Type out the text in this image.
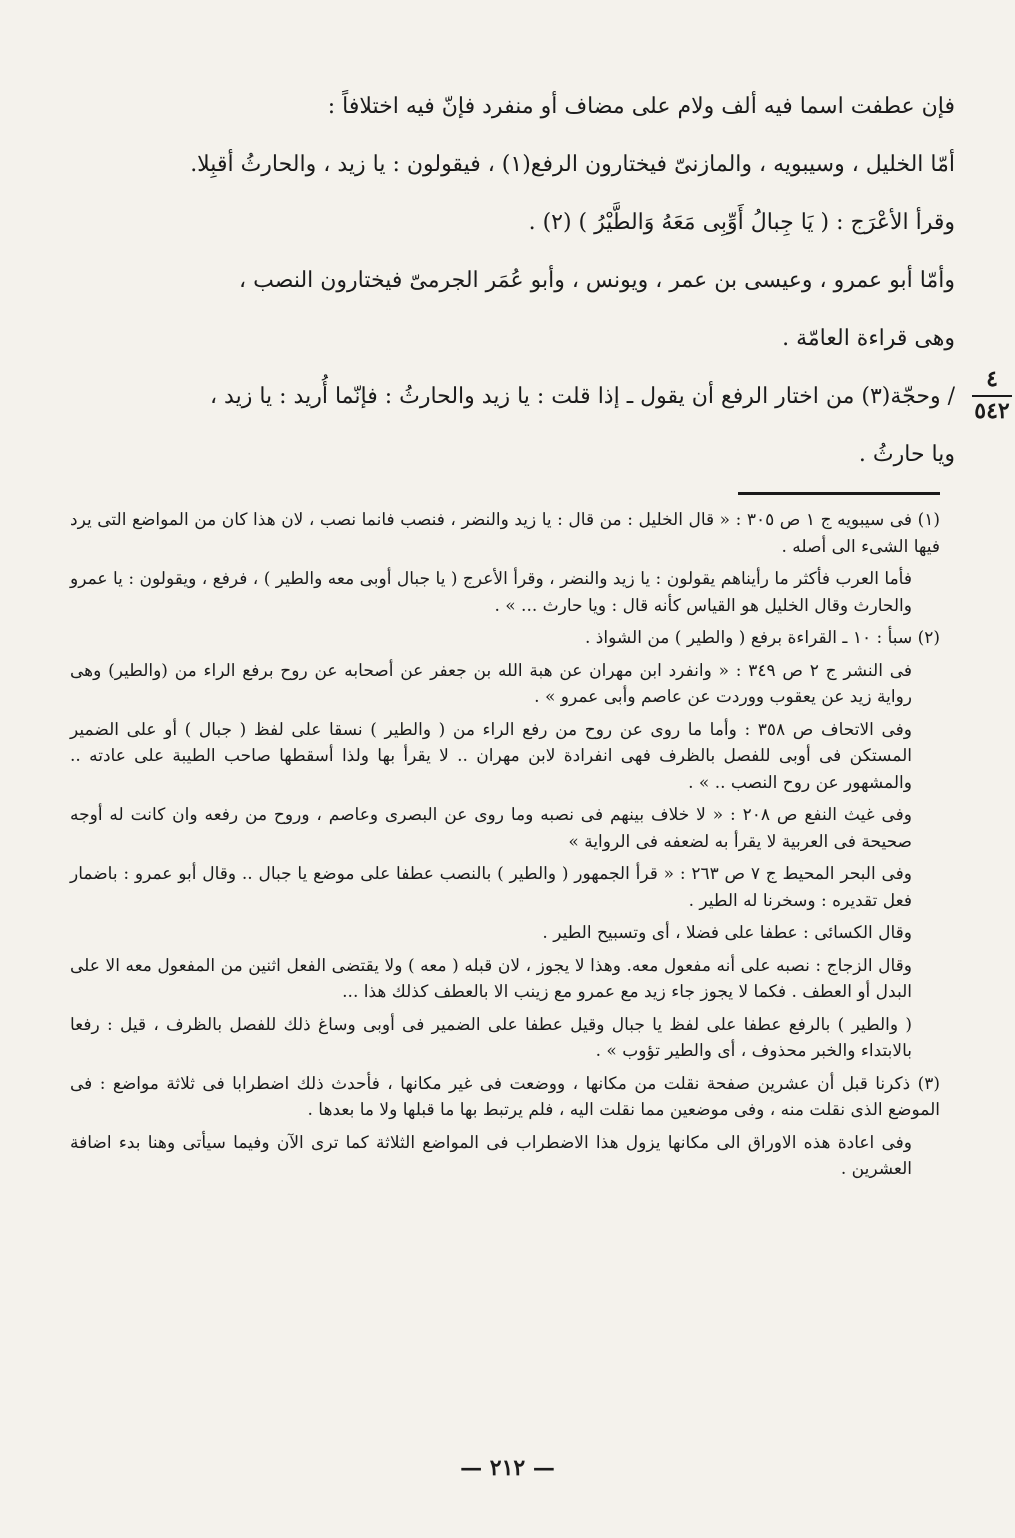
فإن عطفت اسما فيه ألف ولام على مضاف أو منفرد فإنّ فيه اختلافاً :

أمّا الخليل ، وسيبويه ، والمازنىّ فيختارون الرفع(١) ، فيقولون : يا زيد ، والحارثُ أقبِلا.

وقرأ الأعْرَج : ( يَا جِبالُ أَوِّبِى مَعَهُ وَالطَّيْرُ ) (٢) .

وأمّا أبو عمرو ، وعيسى بن عمر ، ويونس ، وأبو عُمَر الجرمىّ فيختارون النصب ،

وهى قراءة العامّة .

/ وحجّة(٣) من اختار الرفع أن يقول ـ إذا قلت : يا زيد والحارثُ : فإنّما أُريد : يا زيد ،

ويا حارثُ .

٤
٥٤٢

(١) فى سيبويه ج ١ ص ٣٠٥ : « قال الخليل : من قال : يا زيد والنضر ، فنصب فانما نصب ، لان هذا كان من المواضع التى يرد فيها الشىء الى أصله .

فأما العرب فأكثر ما رأيناهم يقولون : يا زيد والنضر ، وقرأ الأعرج ( يا جبال أوبى معه والطير ) ، فرفع ، ويقولون : يا عمرو والحارث وقال الخليل هو القياس كأنه قال : ويا حارث ... » .

(٢) سبأ : ١٠ ـ القراءة برفع ( والطير ) من الشواذ .

فى النشر ج ٢ ص ٣٤٩ : « وانفرد ابن مهران عن هبة الله بن جعفر عن أصحابه عن روح برفع الراء من (والطير) وهى رواية زيد عن يعقوب ووردت عن عاصم وأبى عمرو » .

وفى الاتحاف ص ٣٥٨ : وأما ما روى عن روح من رفع الراء من ( والطير ) نسقا على لفظ ( جبال ) أو على الضمير المستكن فى أوبى للفصل بالظرف فهى انفرادة لابن مهران .. لا يقرأ بها ولذا أسقطها صاحب الطيبة على عادته .. والمشهور عن روح النصب .. » .

وفى غيث النفع ص ٢٠٨ : « لا خلاف بينهم فى نصبه وما روى عن البصرى وعاصم ، وروح من رفعه وان كانت له أوجه صحيحة فى العربية لا يقرأ به لضعفه فى الرواية »

وفى البحر المحيط ج ٧ ص ٢٦٣ : « قرأ الجمهور ( والطير ) بالنصب عطفا على موضع يا جبال .. وقال أبو عمرو : باضمار فعل تقديره : وسخرنا له الطير .

وقال الكسائى : عطفا على فضلا ، أى وتسبيح الطير .

وقال الزجاج : نصبه على أنه مفعول معه. وهذا لا يجوز ، لان قبله ( معه ) ولا يقتضى الفعل اثنين من المفعول معه الا على البدل أو العطف . فكما لا يجوز جاء زيد مع عمرو مع زينب الا بالعطف كذلك هذا ...

( والطير ) بالرفع عطفا على لفظ يا جبال وقيل عطفا على الضمير فى أوبى وساغ ذلك للفصل بالظرف ، قيل : رفعا بالابتداء والخبر محذوف ، أى والطير تؤوب » .

(٣) ذكرنا قبل أن عشرين صفحة نقلت من مكانها ، ووضعت فى غير مكانها ، فأحدث ذلك اضطرابا فى ثلاثة مواضع : فى الموضع الذى نقلت منه ، وفى موضعين مما نقلت اليه ، فلم يرتبط بها ما قبلها ولا ما بعدها .

وفى اعادة هذه الاوراق الى مكانها يزول هذا الاضطراب فى المواضع الثلاثة كما ترى الآن وفيما سيأتى وهنا بدء اضافة العشرين .

— ٢١٢ —
